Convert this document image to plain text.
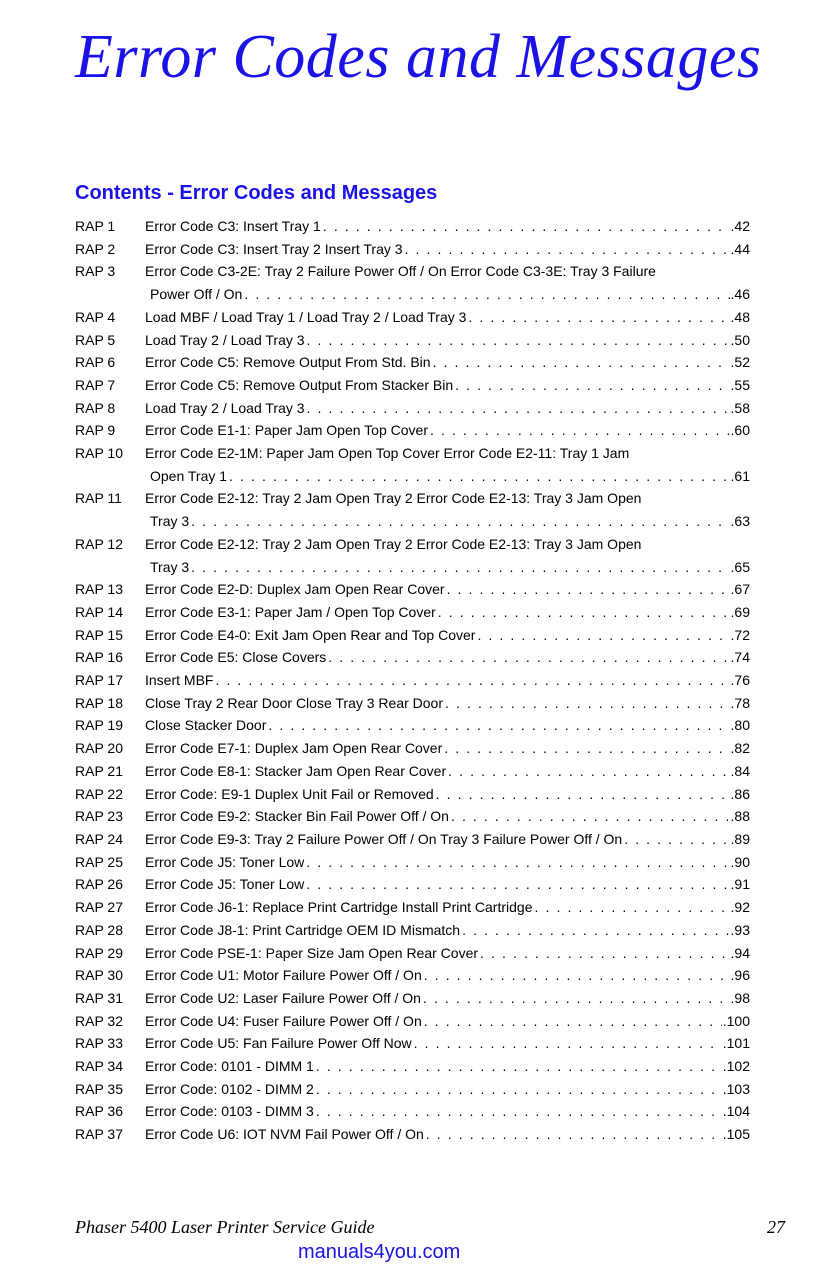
Error Codes and Messages
Contents - Error Codes and Messages
RAP 1	Error Code C3: Insert Tray 1 . . .	.42
RAP 2	Error Code C3: Insert Tray 2 Insert Tray 3 . . .	.44
RAP 3	Error Code C3-2E: Tray 2 Failure Power Off / On Error Code C3-3E: Tray 3 Failure
Power Off / On . . .	.46
RAP 4	Load MBF / Load Tray 1 / Load Tray 2 / Load Tray 3 . . .	.48
RAP 5	Load Tray 2 / Load Tray 3 . . .	.50
RAP 6	Error Code C5: Remove Output From Std. Bin . . .	.52
RAP 7	Error Code C5: Remove Output From Stacker Bin . . .	.55
RAP 8	Load Tray 2 / Load Tray 3 . . .	.58
RAP 9	Error Code E1-1: Paper Jam Open Top Cover . . .	.60
RAP 10	Error Code E2-1M: Paper Jam Open Top Cover Error Code E2-11: Tray 1 Jam
Open Tray 1 . . .	.61
RAP 11	Error Code E2-12: Tray 2 Jam Open Tray 2 Error Code E2-13: Tray 3 Jam Open
Tray 3 . . .	.63
RAP 12	Error Code E2-12: Tray 2 Jam Open Tray 2 Error Code E2-13: Tray 3 Jam Open
Tray 3 . . .	.65
RAP 13	Error Code E2-D: Duplex Jam Open Rear Cover . . .	.67
RAP 14	Error Code E3-1: Paper Jam / Open Top Cover . . .	.69
RAP 15	Error Code E4-0: Exit Jam Open Rear and Top Cover . . .	.72
RAP 16	Error Code E5: Close Covers . . .	.74
RAP 17	Insert MBF . . .	.76
RAP 18	Close Tray 2 Rear Door Close Tray 3 Rear Door . . .	.78
RAP 19	Close Stacker Door . . .	.80
RAP 20	Error Code E7-1: Duplex Jam Open Rear Cover . . .	.82
RAP 21	Error Code E8-1: Stacker Jam Open Rear Cover . . .	.84
RAP 22	Error Code: E9-1 Duplex Unit Fail or Removed . . .	.86
RAP 23	Error Code E9-2: Stacker Bin Fail Power Off / On . . .	.88
RAP 24	Error Code E9-3: Tray 2 Failure Power Off / On Tray 3 Failure Power Off / On . . .	.89
RAP 25	Error Code J5: Toner Low . . .	.90
RAP 26	Error Code J5: Toner Low . . .	.91
RAP 27	Error Code J6-1: Replace Print Cartridge Install Print Cartridge . . .	.92
RAP 28	Error Code J8-1: Print Cartridge OEM ID Mismatch . . .	.93
RAP 29	Error Code PSE-1: Paper Size Jam Open Rear Cover . . .	.94
RAP 30	Error Code U1: Motor Failure Power Off / On . . .	.96
RAP 31	Error Code U2: Laser Failure Power Off / On . . .	.98
RAP 32	Error Code U4: Fuser Failure Power Off / On . . .	.100
RAP 33	Error Code U5: Fan Failure Power Off Now . . .	.101
RAP 34	Error Code: 0101 - DIMM 1 . . .	.102
RAP 35	Error Code: 0102 - DIMM 2 . . .	.103
RAP 36	Error Code: 0103 - DIMM 3 . . .	.104
RAP 37	Error Code U6: IOT NVM Fail Power Off / On . . .	.105
Phaser 5400 Laser Printer Service Guide	27
manuals4you.com
